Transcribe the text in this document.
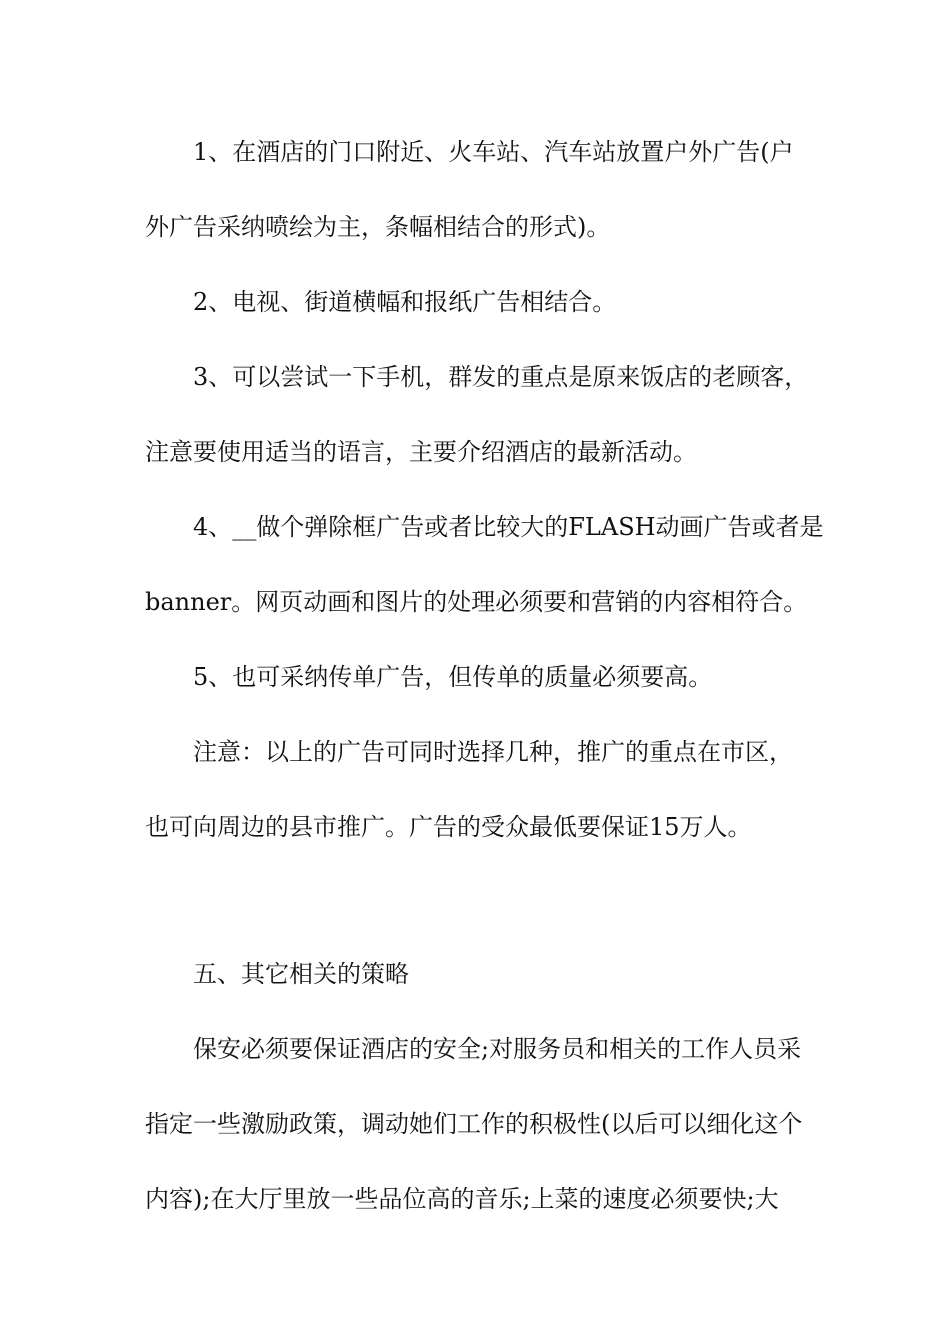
1、在酒店的门口附近、火车站、汽车站放置户外广告(户
外广告采纳喷绘为主，条幅相结合的形式)。
2、电视、街道横幅和报纸广告相结合。
3、可以尝试一下手机，群发的重点是原来饭店的老顾客，
注意要使用适当的语言，主要介绍酒店的最新活动。
4、__做个弹除框广告或者比较大的FLASH动画广告或者是
banner。网页动画和图片的处理必须要和营销的内容相符合。
5、也可采纳传单广告，但传单的质量必须要高。
注意：以上的广告可同时选择几种，推广的重点在市区，
也可向周边的县市推广。广告的受众最低要保证15万人。
五、其它相关的策略
保安必须要保证酒店的安全;对服务员和相关的工作人员采
指定一些激励政策，调动她们工作的积极性(以后可以细化这个
内容);在大厅里放一些品位高的音乐;上菜的速度必须要快;大
